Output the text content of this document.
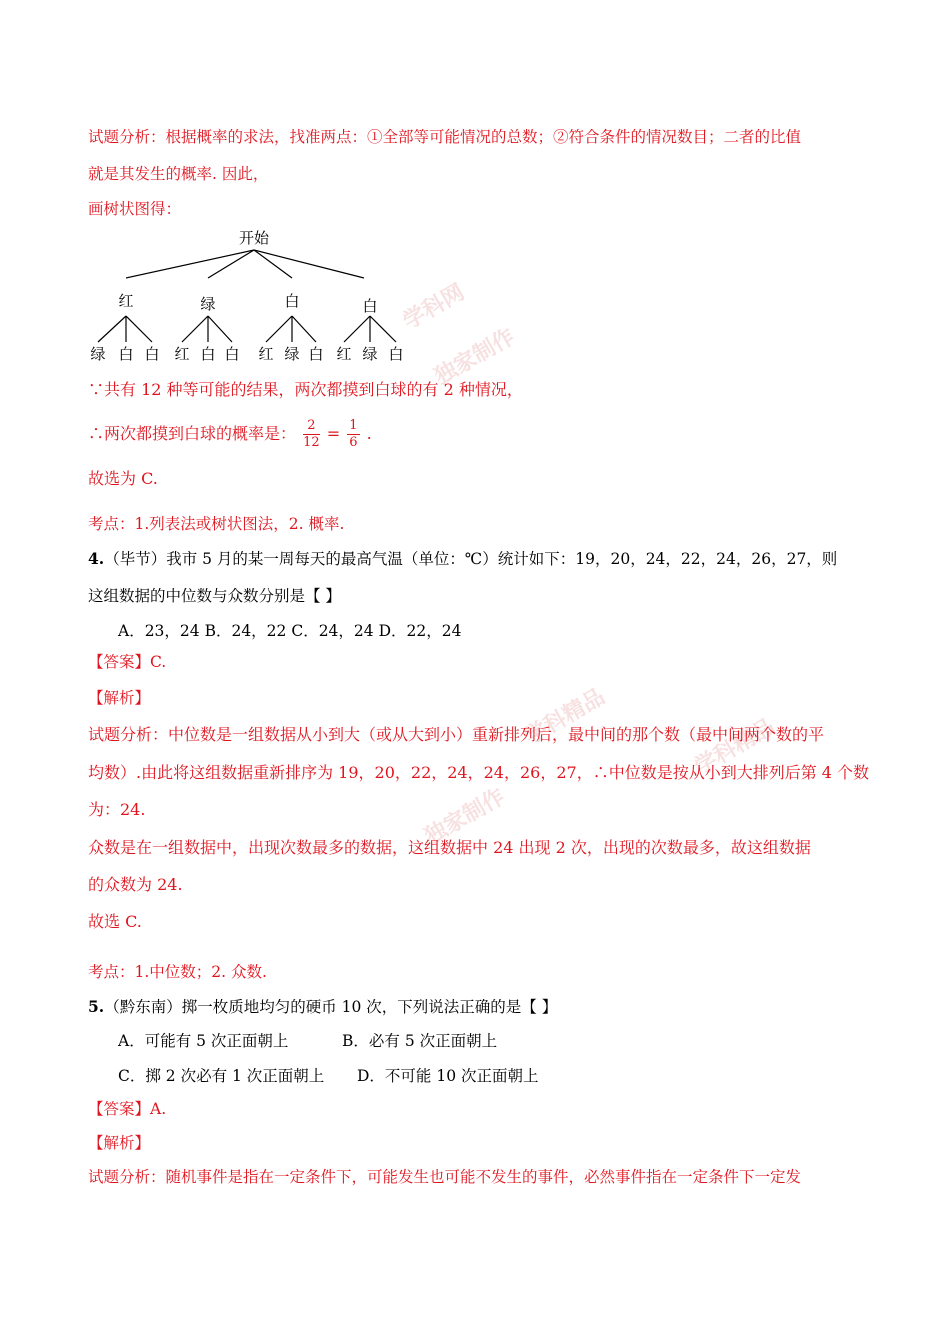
学科网
独家制作
学科精品
独家制作
学科精品
试题分析：根据概率的求法，找准两点：①全部等可能情况的总数；②符合条件的情况数目；二者的比值
就是其发生的概率. 因此，
画树状图得：
开始
红	绿	白	白
绿 白 白 红 白 白 红 绿 白 红 绿 白
∵共有 12 种等可能的结果，两次都摸到白球的有 2 种情况，
∴两次都摸到白球的概率是： $\frac{2}{12} = \frac{1}{6}$ .
故选为 C.
考点：1.列表法或树状图法，2. 概率.
4.（毕节）我市 5 月的某一周每天的最高气温（单位：℃）统计如下：19，20，24，22，24，26，27，则
这组数据的中位数与众数分别是【 】
A．23，24 B．24，22 C．24，24 D．22，24
【答案】C.
【解析】
试题分析：中位数是一组数据从小到大（或从大到小）重新排列后，最中间的那个数（最中间两个数的平
均数）.由此将这组数据重新排序为 19，20，22，24，24，26，27，∴中位数是按从小到大排列后第 4 个数
为：24.
众数是在一组数据中，出现次数最多的数据，这组数据中 24 出现 2 次，出现的次数最多，故这组数据
的众数为 24.
故选 C.
考点：1.中位数；2. 众数.
5.（黔东南）掷一枚质地均匀的硬币 10 次，下列说法正确的是【 】
A．可能有 5 次正面朝上	B．必有 5 次正面朝上
C．掷 2 次必有 1 次正面朝上 D．不可能 10 次正面朝上
【答案】A.
【解析】
试题分析：随机事件是指在一定条件下，可能发生也可能不发生的事件，必然事件指在一定条件下一定发
